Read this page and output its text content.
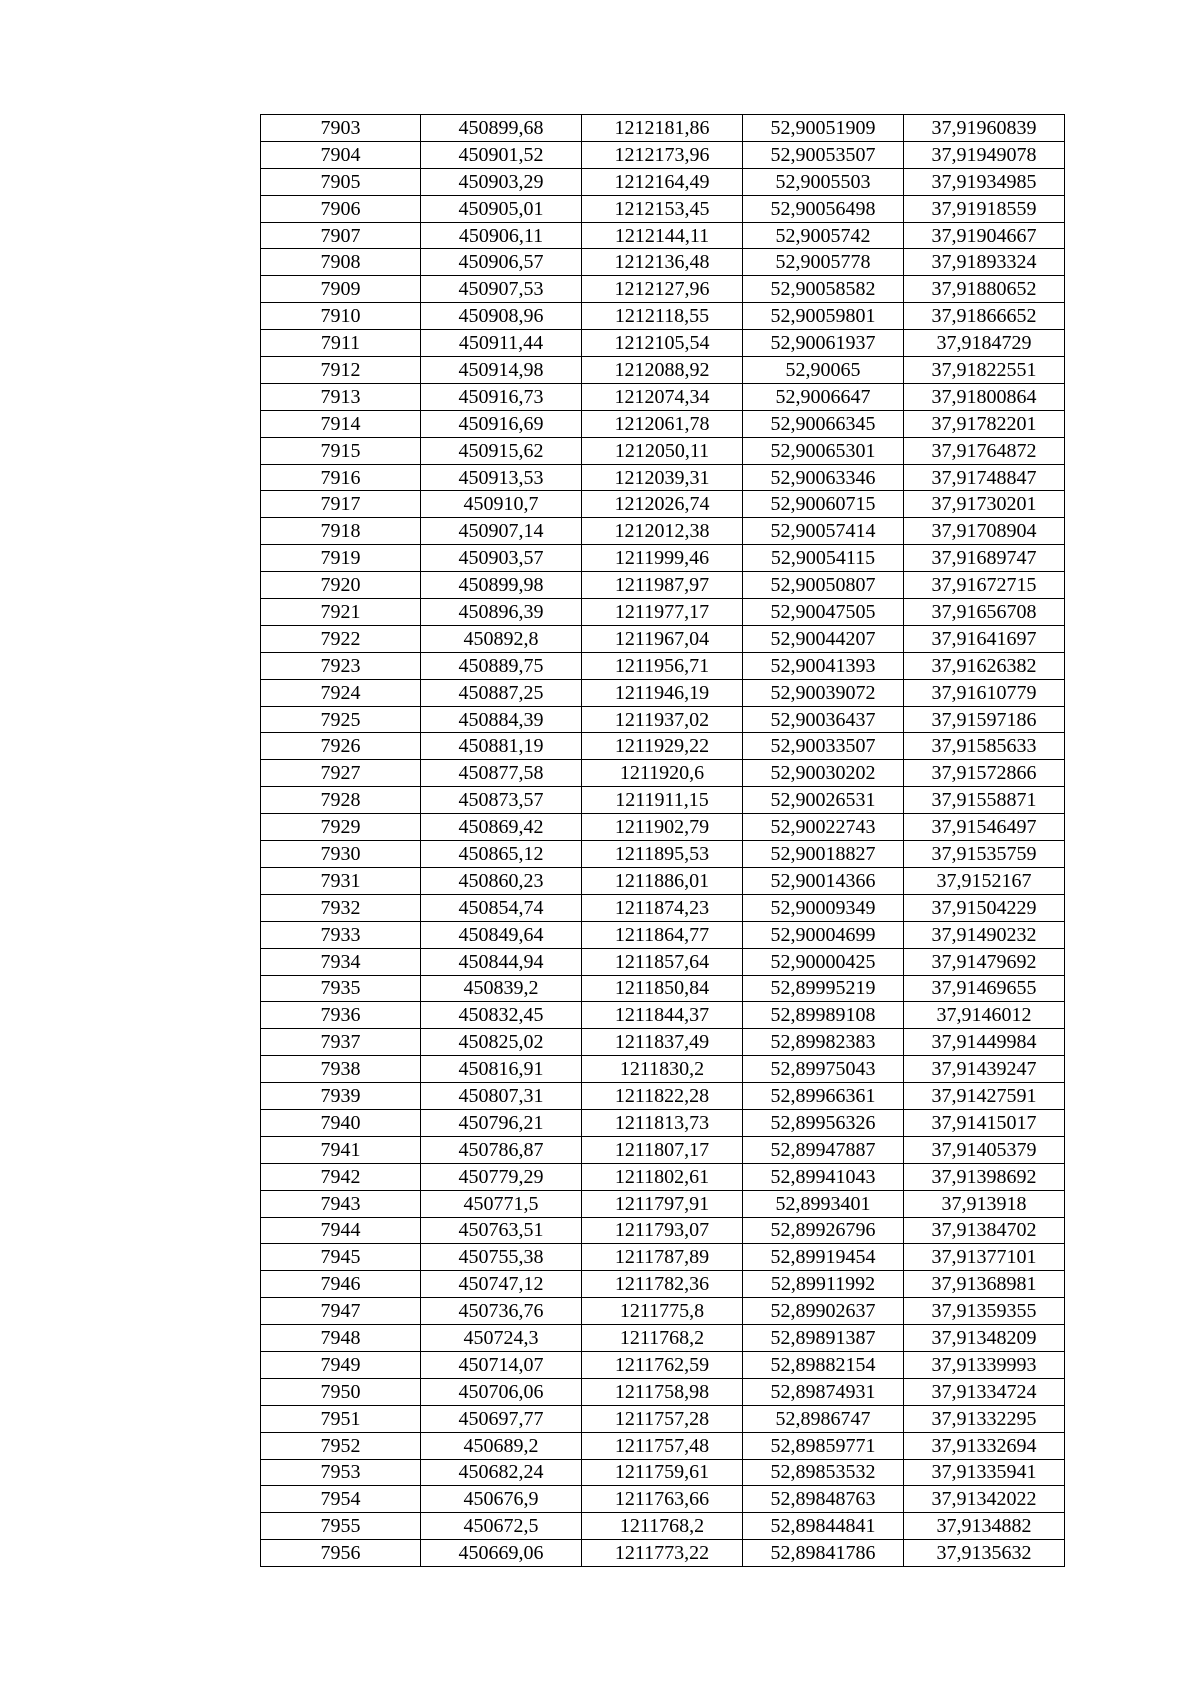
7903	450899,68	1212181,86	52,90051909	37,91960839
7904	450901,52	1212173,96	52,90053507	37,91949078
7905	450903,29	1212164,49	52,9005503	37,91934985
7906	450905,01	1212153,45	52,90056498	37,91918559
7907	450906,11	1212144,11	52,9005742	37,91904667
7908	450906,57	1212136,48	52,9005778	37,91893324
7909	450907,53	1212127,96	52,90058582	37,91880652
7910	450908,96	1212118,55	52,90059801	37,91866652
7911	450911,44	1212105,54	52,90061937	37,9184729
7912	450914,98	1212088,92	52,90065	37,91822551
7913	450916,73	1212074,34	52,9006647	37,91800864
7914	450916,69	1212061,78	52,90066345	37,91782201
7915	450915,62	1212050,11	52,90065301	37,91764872
7916	450913,53	1212039,31	52,90063346	37,91748847
7917	450910,7	1212026,74	52,90060715	37,91730201
7918	450907,14	1212012,38	52,90057414	37,91708904
7919	450903,57	1211999,46	52,90054115	37,91689747
7920	450899,98	1211987,97	52,90050807	37,91672715
7921	450896,39	1211977,17	52,90047505	37,91656708
7922	450892,8	1211967,04	52,90044207	37,91641697
7923	450889,75	1211956,71	52,90041393	37,91626382
7924	450887,25	1211946,19	52,90039072	37,91610779
7925	450884,39	1211937,02	52,90036437	37,91597186
7926	450881,19	1211929,22	52,90033507	37,91585633
7927	450877,58	1211920,6	52,90030202	37,91572866
7928	450873,57	1211911,15	52,90026531	37,91558871
7929	450869,42	1211902,79	52,90022743	37,91546497
7930	450865,12	1211895,53	52,90018827	37,91535759
7931	450860,23	1211886,01	52,90014366	37,9152167
7932	450854,74	1211874,23	52,90009349	37,91504229
7933	450849,64	1211864,77	52,90004699	37,91490232
7934	450844,94	1211857,64	52,90000425	37,91479692
7935	450839,2	1211850,84	52,89995219	37,91469655
7936	450832,45	1211844,37	52,89989108	37,9146012
7937	450825,02	1211837,49	52,89982383	37,91449984
7938	450816,91	1211830,2	52,89975043	37,91439247
7939	450807,31	1211822,28	52,89966361	37,91427591
7940	450796,21	1211813,73	52,89956326	37,91415017
7941	450786,87	1211807,17	52,89947887	37,91405379
7942	450779,29	1211802,61	52,89941043	37,91398692
7943	450771,5	1211797,91	52,8993401	37,913918
7944	450763,51	1211793,07	52,89926796	37,91384702
7945	450755,38	1211787,89	52,89919454	37,91377101
7946	450747,12	1211782,36	52,89911992	37,91368981
7947	450736,76	1211775,8	52,89902637	37,91359355
7948	450724,3	1211768,2	52,89891387	37,91348209
7949	450714,07	1211762,59	52,89882154	37,91339993
7950	450706,06	1211758,98	52,89874931	37,91334724
7951	450697,77	1211757,28	52,8986747	37,91332295
7952	450689,2	1211757,48	52,89859771	37,91332694
7953	450682,24	1211759,61	52,89853532	37,91335941
7954	450676,9	1211763,66	52,89848763	37,91342022
7955	450672,5	1211768,2	52,89844841	37,9134882
7956	450669,06	1211773,22	52,89841786	37,9135632
